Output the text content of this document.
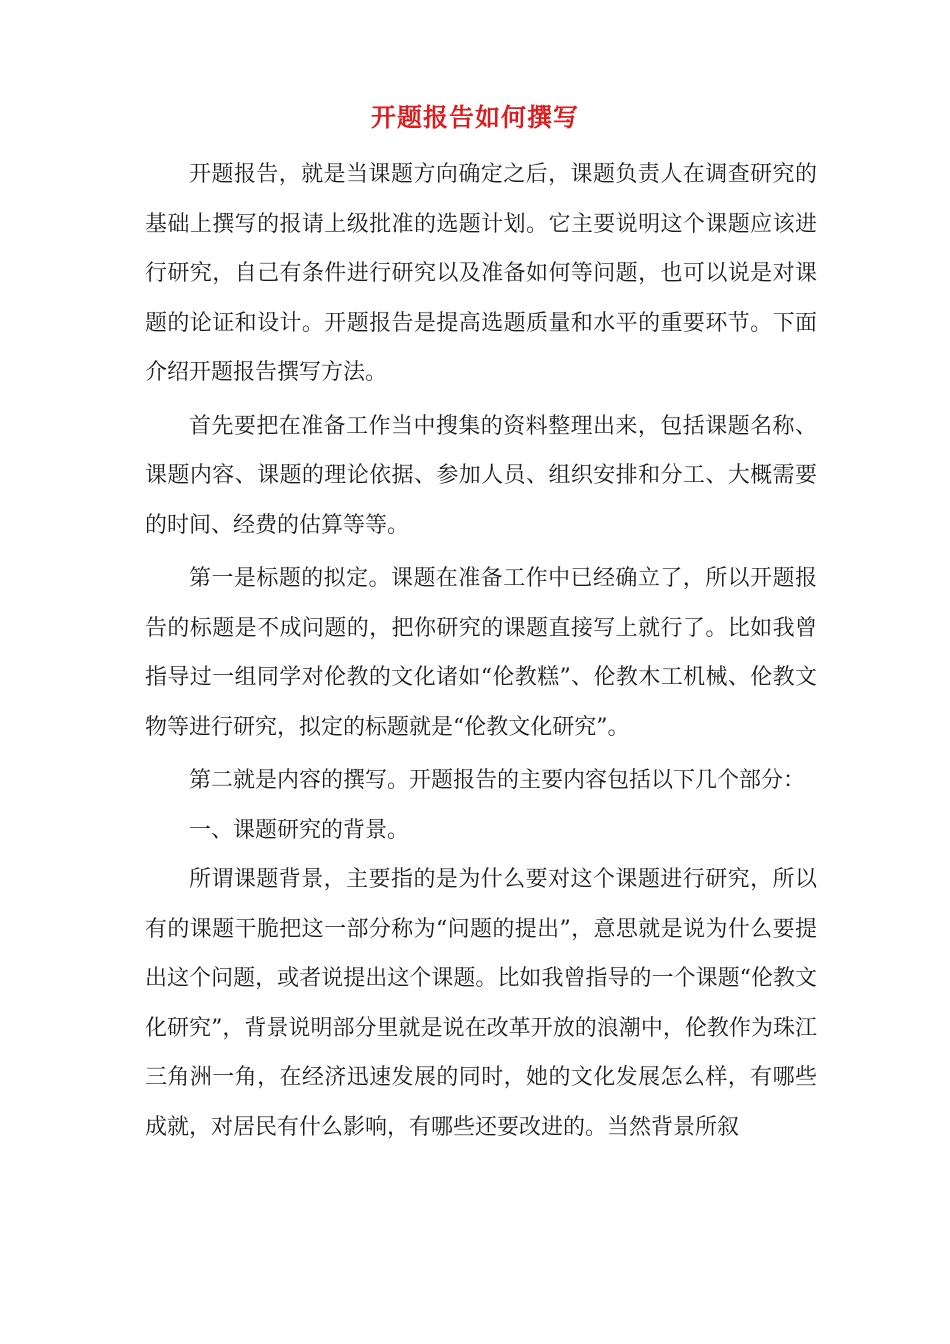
开题报告如何撰写

开题报告，就是当课题方向确定之后，课题负责人在调查研究的基础上撰写的报请上级批准的选题计划。它主要说明这个课题应该进行研究，自己有条件进行研究以及准备如何等问题，也可以说是对课题的论证和设计。开题报告是提高选题质量和水平的重要环节。下面介绍开题报告撰写方法。

首先要把在准备工作当中搜集的资料整理出来，包括课题名称、课题内容、课题的理论依据、参加人员、组织安排和分工、大概需要的时间、经费的估算等等。

第一是标题的拟定。课题在准备工作中已经确立了，所以开题报告的标题是不成问题的，把你研究的课题直接写上就行了。比如我曾指导过一组同学对伦教的文化诸如“伦教糕”、伦教木工机械、伦教文物等进行研究，拟定的标题就是“伦教文化研究”。

第二就是内容的撰写。开题报告的主要内容包括以下几个部分：

一、课题研究的背景。

所谓课题背景，主要指的是为什么要对这个课题进行研究，所以有的课题干脆把这一部分称为“问题的提出”，意思就是说为什么要提出这个问题，或者说提出这个课题。比如我曾指导的一个课题“伦教文化研究”，背景说明部分里就是说在改革开放的浪潮中，伦教作为珠江三角洲一角，在经济迅速发展的同时，她的文化发展怎么样，有哪些成就，对居民有什么影响，有哪些还要改进的。当然背景所叙
